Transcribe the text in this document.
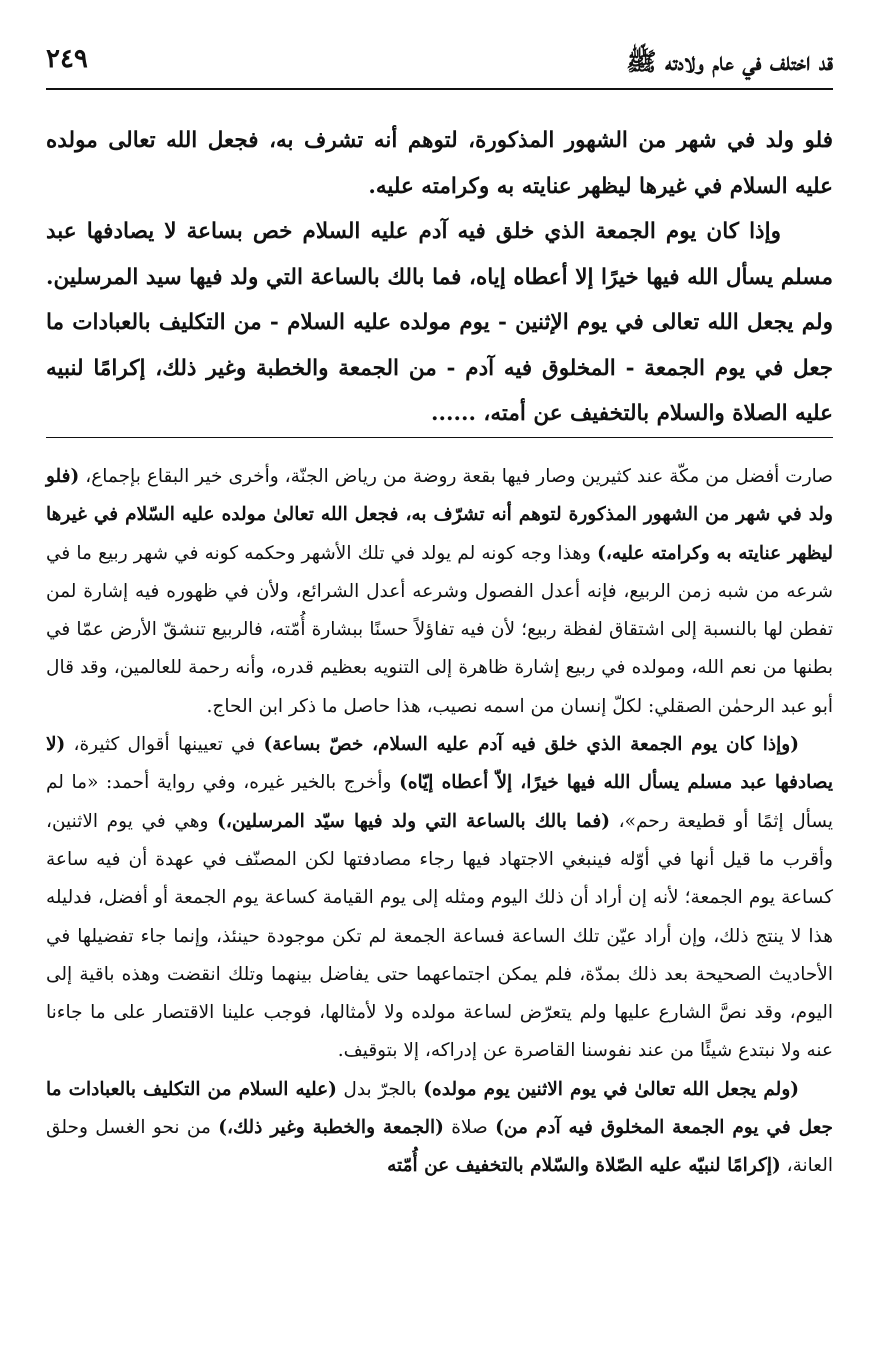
قد اختلف في عام ولادته ﷺ
٢٤٩

فلو ولد في شهر من الشهور المذكورة، لتوهم أنه تشرف به، فجعل الله تعالى مولده عليه السلام في غيرها ليظهر عنايته به وكرامته عليه.

وإذا كان يوم الجمعة الذي خلق فيه آدم عليه السلام خص بساعة لا يصادفها عبد مسلم يسأل الله فيها خيرًا إلا أعطاه إياه، فما بالك بالساعة التي ولد فيها سيد المرسلين. ولم يجعل الله تعالى في يوم الإثنين - يوم مولده عليه السلام - من التكليف بالعبادات ما جعل في يوم الجمعة - المخلوق فيه آدم - من الجمعة والخطبة وغير ذلك، إكرامًا لنبيه عليه الصلاة والسلام بالتخفيف عن أمته، ......

صارت أفضل من مكّة عند كثيرين وصار فيها بقعة روضة من رياض الجنّة، وأخرى خير البقاع بإجماع، (فلو ولد في شهر من الشهور المذكورة لتوهم أنه تشرّف به، فجعل الله تعالىٰ مولده عليه السّلام في غيرها ليظهر عنايته به وكرامته عليه،) وهذا وجه كونه لم يولد في تلك الأشهر وحكمه كونه في شهر ربيع ما في شرعه من شبه زمن الربيع، فإنه أعدل الفصول وشرعه أعدل الشرائع، ولأن في ظهوره فيه إشارة لمن تفطن لها بالنسبة إلى اشتقاق لفظة ربيع؛ لأن فيه تفاؤلاً حسنًا ببشارة أُمّته، فالربيع تنشقّ الأرض عمّا في بطنها من نعم الله، ومولده في ربيع إشارة ظاهرة إلى التنويه بعظيم قدره، وأنه رحمة للعالمين، وقد قال أبو عبد الرحمٰن الصقلي: لكلّ إنسان من اسمه نصيب، هذا حاصل ما ذكر ابن الحاج.

(وإذا كان يوم الجمعة الذي خلق فيه آدم عليه السلام، خصّ بساعة) في تعيينها أقوال كثيرة، (لا يصادفها عبد مسلم يسأل الله فيها خيرًا، إلاّ أعطاه إيّاه) وأخرج بالخير غيره، وفي رواية أحمد: «ما لم يسأل إثمًا أو قطيعة رحم»، (فما بالك بالساعة التي ولد فيها سيّد المرسلين،) وهي في يوم الاثنين، وأقرب ما قيل أنها في أوّله فينبغي الاجتهاد فيها رجاء مصادفتها لكن المصنّف في عهدة أن فيه ساعة كساعة يوم الجمعة؛ لأنه إن أراد أن ذلك اليوم ومثله إلى يوم القيامة كساعة يوم الجمعة أو أفضل، فدليله هذا لا ينتج ذلك، وإن أراد عيّن تلك الساعة فساعة الجمعة لم تكن موجودة حينئذ، وإنما جاء تفضيلها في الأحاديث الصحيحة بعد ذلك بمدّة، فلم يمكن اجتماعهما حتى يفاضل بينهما وتلك انقضت وهذه باقية إلى اليوم، وقد نصَّ الشارع عليها ولم يتعرّض لساعة مولده ولا لأمثالها، فوجب علينا الاقتصار على ما جاءنا عنه ولا نبتدع شيئًا من عند نفوسنا القاصرة عن إدراكه، إلا بتوقيف.

(ولم يجعل الله تعالىٰ في يوم الاثنين يوم مولده) بالجرّ بدل (عليه السلام من التكليف بالعبادات ما جعل في يوم الجمعة المخلوق فيه آدم من) صلاة (الجمعة والخطبة وغير ذلك،) من نحو الغسل وحلق العانة، (إكرامًا لنبيّه عليه الصّلاة والسّلام بالتخفيف عن أُمّته
